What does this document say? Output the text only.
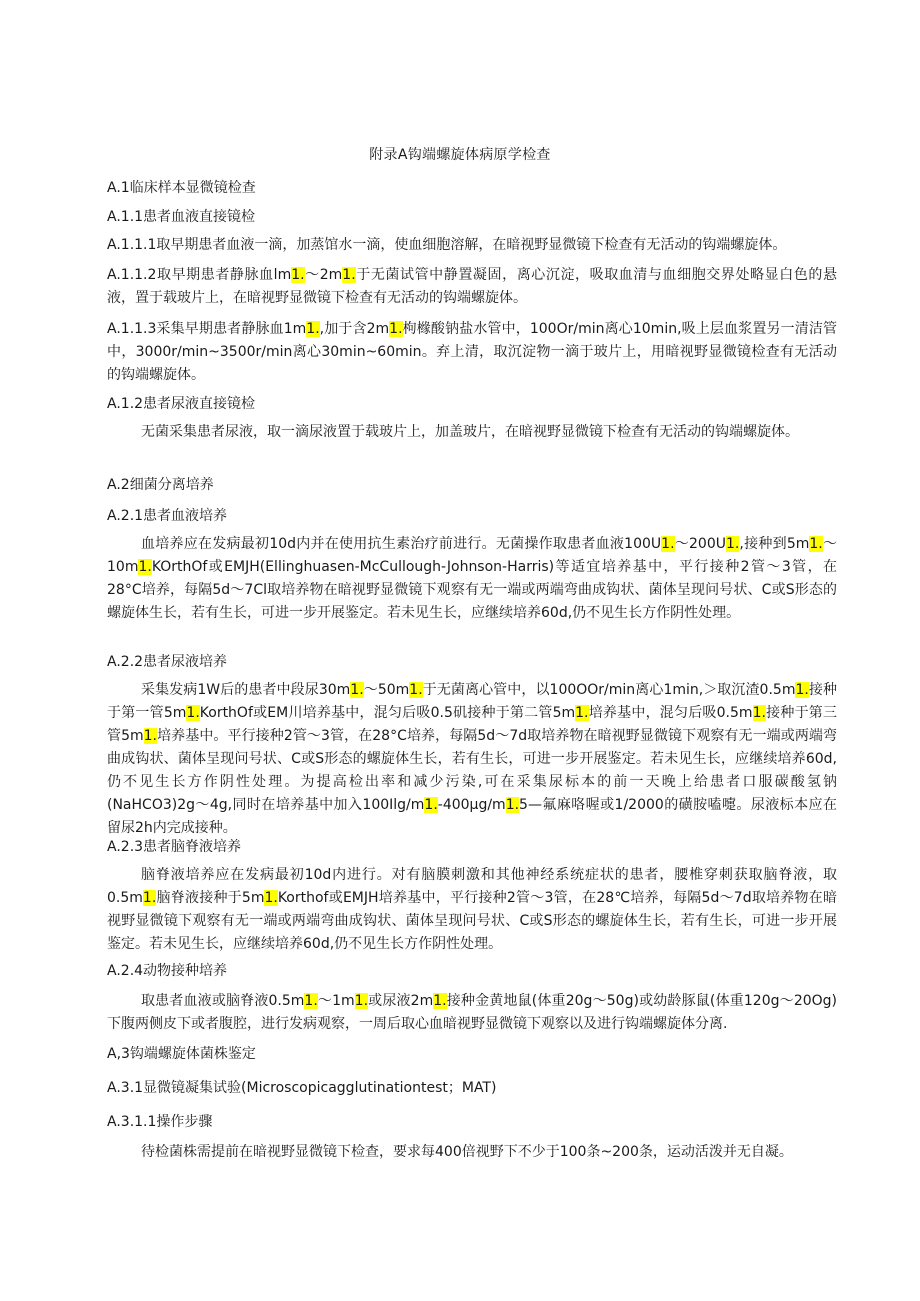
附录A钩端螺旋体病原学检查
A.1临床样本显微镜检查
A.1.1患者血液直接镜检
A.1.1.1取早期患者血液一滴，加蒸馆水一滴，使血细胞溶解，在暗视野显微镜下检查有无活动的钩端螺旋体。
A.1.1.2取早期患者静脉血lm1.〜2m1.于无菌试管中静置凝固，离心沉淀，吸取血清与血细胞交界处略显白色的悬液，置于载玻片上，在暗视野显微镜下检查有无活动的钩端螺旋体。
A.1.1.3采集早期患者静脉血1m1.,加于含2m1.枸橼酸钠盐水管中，100Or/min离心10min,吸上层血浆置另一清洁管中，3000r∕min~3500r/min离心30min~60min。弃上清，取沉淀物一滴于玻片上，用暗视野显微镜检查有无活动的钩端螺旋体。
A.1.2患者尿液直接镜检
无菌采集患者尿液，取一滴尿液置于载玻片上，加盖玻片，在暗视野显微镜下检查有无活动的钩端螺旋体。
A.2细菌分离培养
A.2.1患者血液培养
血培养应在发病最初10d内并在使用抗生素治疗前进行。无菌操作取患者血液100U1.〜200U1.,接种到5m1.〜10m1.KOrthOf或EMJH(Ellinghuasen-McCullough-Johnson-Harris)等适宜培养基中，平行接种2管～3管，在28°C培养，每隔5d〜7Cl取培养物在暗视野显微镜下观察有无一端或两端弯曲成钩状、菌体呈现问号状、C或S形态的螺旋体生长，若有生长，可进一步开展鉴定。若未见生长，应继续培养60d,仍不见生长方作阴性处理。
A.2.2患者尿液培养
采集发病1W后的患者中段尿30m1.〜50m1.于无菌离心管中，以100OOr/min离心1min,＞取沉渣0.5m1.接种于第一管5m1.KorthOf或EM川培养基中，混匀后吸0.5矶接种于第二管5m1.培养基中，混匀后吸0.5m1.接种于第三管5m1.培养基中。平行接种2管〜3管，在28°C培养，每隔5d〜7d取培养物在暗视野显微镜下观察有无一端或两端弯曲成钩状、菌体呈现问号状、C或S形态的螺旋体生长，若有生长，可进一步开展鉴定。若未见生长，应继续培养60d,仍不见生长方作阴性处理。为提高检出率和减少污染,可在采集尿标本的前一天晚上给患者口服碳酸氢钠(NaHCO3)2g〜4g,同时在培养基中加入100Ilg/m1.-400μg∕m1.5—氟麻咯喔或1/2000的磺胺嗑嚏。尿液标本应在留尿2h内完成接种。
A.2.3患者脑脊液培养
脑脊液培养应在发病最初10d内进行。对有脑膜刺激和其他神经系统症状的患者，腰椎穿刺获取脑脊液，取0.5m1.脑脊液接种于5m1.Korthof或EMJH培养基中，平行接种2管～3管，在28℃培养，每隔5d〜7d取培养物在暗视野显微镜下观察有无一端或两端弯曲成钩状、菌体呈现问号状、C或S形态的螺旋体生长，若有生长，可进一步开展鉴定。若未见生长，应继续培养60d,仍不见生长方作阴性处理。
A.2.4动物接种培养
取患者血液或脑脊液0.5m1.〜1m1.或尿液2m1.接种金黄地鼠(体重20g〜50g)或幼龄豚鼠(体重120g〜20Og)下腹两侧皮下或者腹腔，进行发病观察，一周后取心血暗视野显微镜下观察以及进行钩端螺旋体分离.
A,3钩端螺旋体菌株鉴定
A.3.1显微镜凝集试验(Microscopicagglutinationtest；MAT)
A.3.1.1操作步骤
待检菌株需提前在暗视野显微镜下检查，要求每400倍视野下不少于100条~200条，运动活泼并无自凝。
